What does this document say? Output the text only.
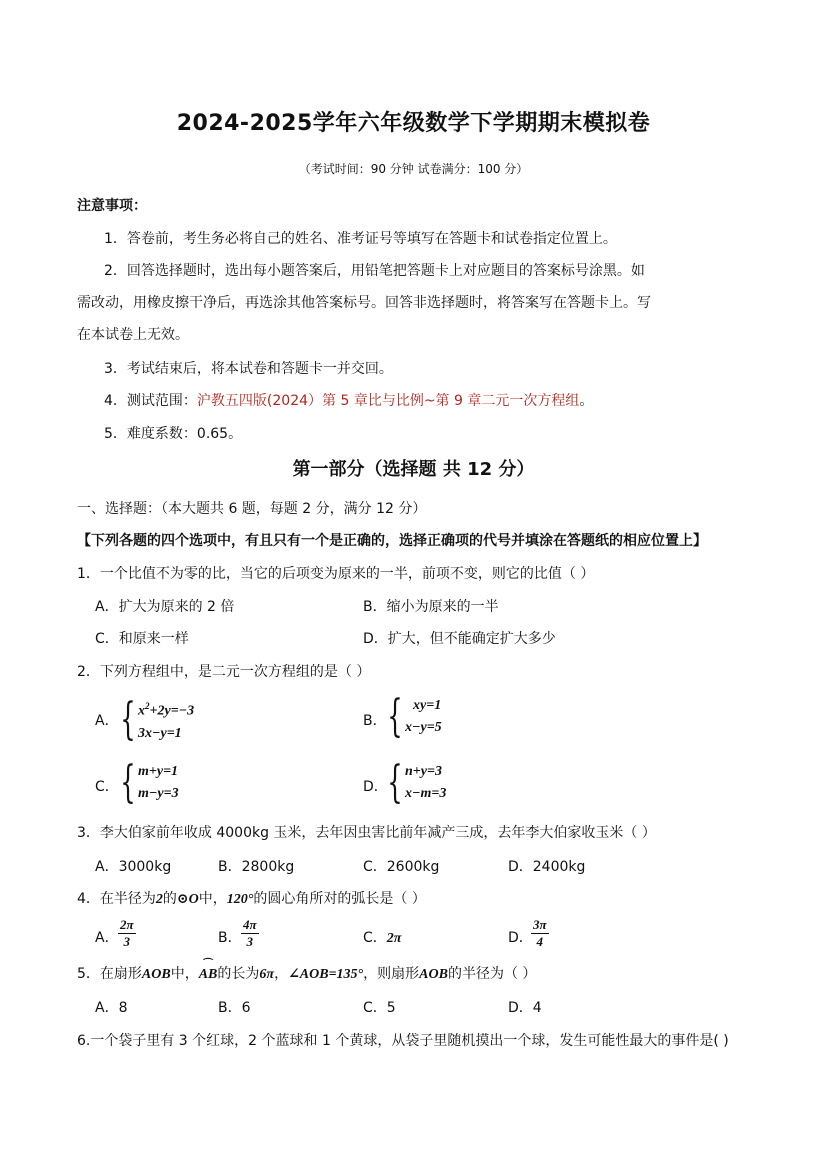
2024-2025学年六年级数学下学期期末模拟卷
（考试时间：90 分钟 试卷满分：100 分）
注意事项：
1．答卷前，考生务必将自己的姓名、准考证号等填写在答题卡和试卷指定位置上。
2．回答选择题时，选出每小题答案后，用铅笔把答题卡上对应题目的答案标号涂黑。如
需改动，用橡皮擦干净后，再选涂其他答案标号。回答非选择题时，将答案写在答题卡上。写
在本试卷上无效。
3．考试结束后，将本试卷和答题卡一并交回。
4．测试范围：沪教五四版(2024）第 5 章比与比例~第 9 章二元一次方程组。
5．难度系数：0.65。
第一部分（选择题 共 12 分）
一、选择题：（本大题共 6 题，每题 2 分，满分 12 分）
【下列各题的四个选项中，有且只有一个是正确的，选择正确项的代号并填涂在答题纸的相应位置上】
1．一个比值不为零的比，当它的后项变为原来的一半，前项不变，则它的比值（ ）
A．扩大为原来的 2 倍	B．缩小为原来的一半
C．和原来一样	D．扩大，但不能确定扩大多少
2．下列方程组中，是二元一次方程组的是（ ）
A． { $x^2+2y=-3$
3x−y=1
B． { xy=1
x−y=5
C． { m+y=1
m−y=3	D． { n+y=3
x−m=3
3．李大伯家前年收成 4000kg 玉米，去年因虫害比前年减产三成，去年李大伯家收玉米（ ）
A．3000kg	B．2800kg	C．2600kg	D．2400kg
4．在半径为2的⊙O中，120°的圆心角所对的弧长是（ ）
A． $\frac{2\pi}{3}$	B． $\frac{4\pi}{3}$	C．2π	D．
$\frac{3\pi}{4}$
5．在扇形AOB中，
⌒
AB的长为6π，∠AOB=135°，则扇形AOB的半径为（ ）
A．8	B．6	C．5	D．4
6.一个袋子里有 3 个红球，2 个蓝球和 1 个黄球，从袋子里随机摸出一个球，发生可能性最大的事件是( )
